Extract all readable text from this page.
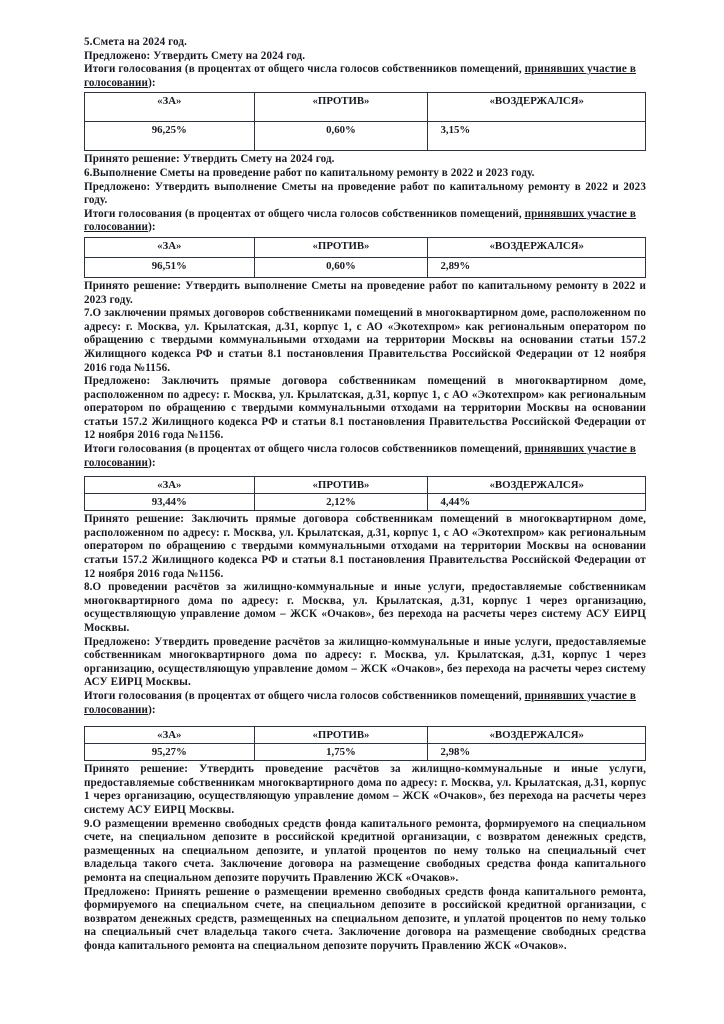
5.Смета на 2024 год.

Предложено: Утвердить Смету на 2024 год.

Итоги голосования (в процентах от общего числа голосов собственников помещений, принявших участие в
голосовании):

«ЗА»	«ПРОТИВ»	«ВОЗДЕРЖАЛСЯ»
96,25%	0,60%	3,15%

Принято решение: Утвердить Смету на 2024 год.

6.Выполнение Сметы на проведение работ по капитальному ремонту в 2022 и 2023 году.

Предложено: Утвердить выполнение Сметы на проведение работ по капитальному ремонту в 2022 и 2023 году.

Итоги голосования (в процентах от общего числа голосов собственников помещений, принявших участие в
голосовании):

«ЗА»	«ПРОТИВ»	«ВОЗДЕРЖАЛСЯ»
96,51%	0,60%	2,89%

Принято решение: Утвердить выполнение Сметы на проведение работ по капитальному ремонту в 2022 и 2023 году.

7.О заключении прямых договоров собственниками помещений в многоквартирном доме, расположенном по адресу: г. Москва, ул. Крылатская, д.31, корпус 1, с АО «Экотехпром» как региональным оператором по обращению с твердыми коммунальными отходами на территории Москвы на основании статьи 157.2 Жилищного кодекса РФ и статьи 8.1 постановления Правительства Российской Федерации от 12 ноября 2016 года №1156.

Предложено: Заключить прямые договора собственникам помещений в многоквартирном доме, расположенном по адресу: г. Москва, ул. Крылатская, д.31, корпус 1, с АО «Экотехпром» как региональным оператором по обращению с твердыми коммунальными отходами на территории Москвы на основании статьи 157.2 Жилищного кодекса РФ и статьи 8.1 постановления Правительства Российской Федерации от 12 ноября 2016 года №1156.

Итоги голосования (в процентах от общего числа голосов собственников помещений, принявших участие в
голосовании):

«ЗА»	«ПРОТИВ»	«ВОЗДЕРЖАЛСЯ»
93,44%	2,12%	4,44%

Принято решение: Заключить прямые договора собственникам помещений в многоквартирном доме, расположенном по адресу: г. Москва, ул. Крылатская, д.31, корпус 1, с АО «Экотехпром» как региональным оператором по обращению с твердыми коммунальными отходами на территории Москвы на основании статьи 157.2 Жилищного кодекса РФ и статьи 8.1 постановления Правительства Российской Федерации от 12 ноября 2016 года №1156.

8.О проведении расчётов за жилищно-коммунальные и иные услуги, предоставляемые собственникам многоквартирного дома по адресу: г. Москва, ул. Крылатская, д.31, корпус 1 через организацию, осуществляющую управление домом – ЖСК «Очаков», без перехода на расчеты через систему АСУ ЕИРЦ Москвы.

Предложено: Утвердить проведение расчётов за жилищно-коммунальные и иные услуги, предоставляемые собственникам многоквартирного дома по адресу: г. Москва, ул. Крылатская, д.31, корпус 1 через организацию, осуществляющую управление домом – ЖСК «Очаков», без перехода на расчеты через систему АСУ ЕИРЦ Москвы.

Итоги голосования (в процентах от общего числа голосов собственников помещений, принявших участие в
голосовании):

«ЗА»	«ПРОТИВ»	«ВОЗДЕРЖАЛСЯ»
95,27%	1,75%	2,98%

Принято решение: Утвердить проведение расчётов за жилищно-коммунальные и иные услуги, предоставляемые собственникам многоквартирного дома по адресу: г. Москва, ул. Крылатская, д.31, корпус 1 через организацию, осуществляющую управление домом – ЖСК «Очаков», без перехода на расчеты через систему АСУ ЕИРЦ Москвы.

9.О размещении временно свободных средств фонда капитального ремонта, формируемого на специальном счете, на специальном депозите в российской кредитной организации, с возвратом денежных средств, размещенных на специальном депозите, и уплатой процентов по нему только на специальный счет владельца такого счета. Заключение договора на размещение свободных средства фонда капитального ремонта на специальном депозите поручить Правлению ЖСК «Очаков».

Предложено: Принять решение о размещении временно свободных средств фонда капитального ремонта, формируемого на специальном счете, на специальном депозите в российской кредитной организации, с возвратом денежных средств, размещенных на специальном депозите, и уплатой процентов по нему только на специальный счет владельца такого счета. Заключение договора на размещение свободных средства фонда капитального ремонта на специальном депозите поручить Правлению ЖСК «Очаков».
